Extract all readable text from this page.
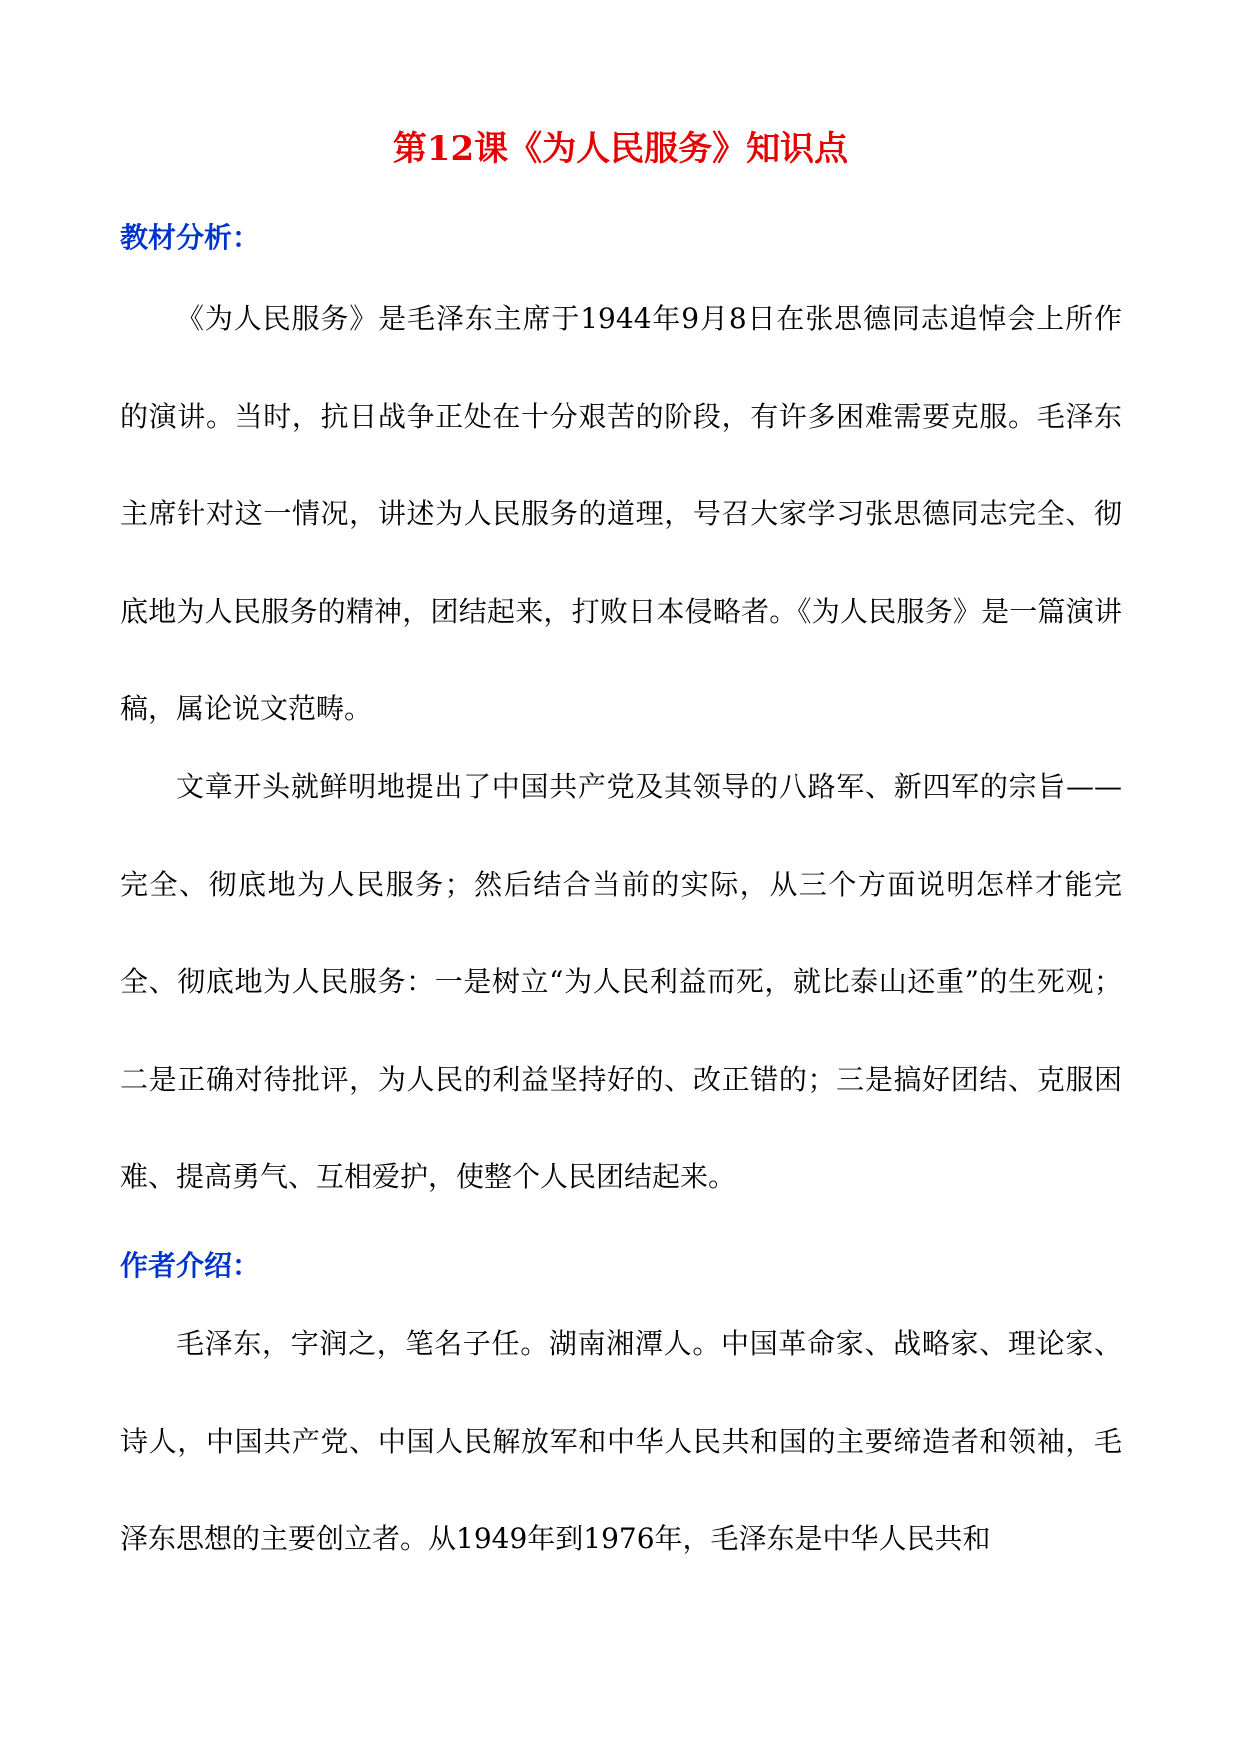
第12课《为人民服务》知识点
教材分析：

《为人民服务》是毛泽东主席于1944年9月8日在张思德同志追悼会上所作的演讲。当时，抗日战争正处在十分艰苦的阶段，有许多困难需要克服。毛泽东主席针对这一情况，讲述为人民服务的道理，号召大家学习张思德同志完全、彻底地为人民服务的精神，团结起来，打败日本侵略者。《为人民服务》是一篇演讲稿，属论说文范畴。

文章开头就鲜明地提出了中国共产党及其领导的八路军、新四军的宗旨——完全、彻底地为人民服务；然后结合当前的实际，从三个方面说明怎样才能完全、彻底地为人民服务：一是树立“为人民利益而死，就比泰山还重”的生死观；二是正确对待批评，为人民的利益坚持好的、改正错的；三是搞好团结、克服困难、提高勇气、互相爱护，使整个人民团结起来。

作者介绍：

毛泽东，字润之，笔名子任。湖南湘潭人。中国革命家、战略家、理论家、诗人，中国共产党、中国人民解放军和中华人民共和国的主要缔造者和领袖，毛泽东思想的主要创立者。从1949年到1976年，毛泽东是中华人民共和
